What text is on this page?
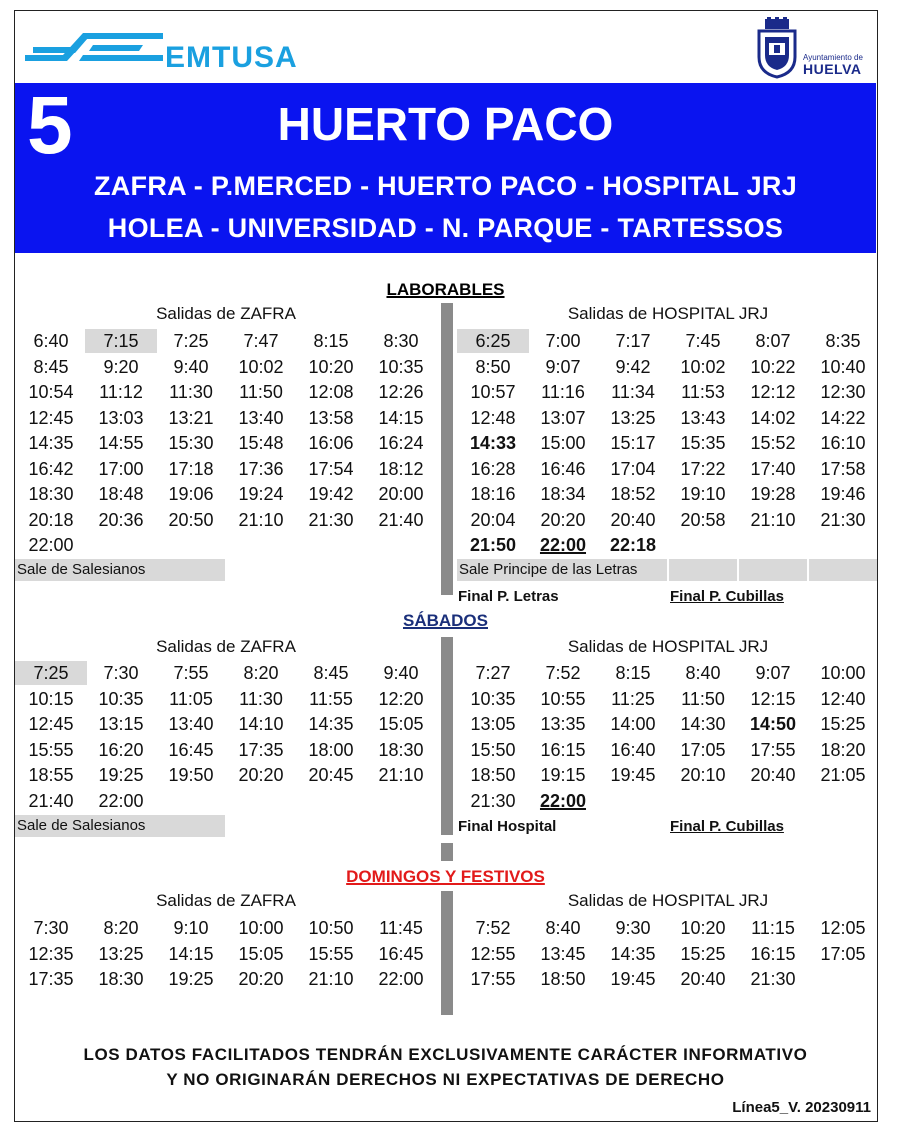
EMTUSA	Ayuntamiento de
HUELVA
5	HUERTO PACO
ZAFRA - P.MERCED - HUERTO PACO - HOSPITAL JRJ
HOLEA - UNIVERSIDAD - N. PARQUE - TARTESSOS
LABORABLES
Salidas de ZAFRA	Salidas de HOSPITAL JRJ
6:40	7:15	7:25	7:47	8:15	8:30
8:45	9:20	9:40	10:02	10:20	10:35
10:54	11:12	11:30	11:50	12:08	12:26
12:45	13:03	13:21	13:40	13:58	14:15
14:35	14:55	15:30	15:48	16:06	16:24
16:42	17:00	17:18	17:36	17:54	18:12
18:30	18:48	19:06	19:24	19:42	20:00
20:18	20:36	20:50	21:10	21:30	21:40
22:00
6:25	7:00	7:17	7:45	8:07	8:35
8:50	9:07	9:42	10:02	10:22	10:40
10:57	11:16	11:34	11:53	12:12	12:30
12:48	13:07	13:25	13:43	14:02	14:22
14:33	15:00	15:17	15:35	15:52	16:10
16:28	16:46	17:04	17:22	17:40	17:58
18:16	18:34	18:52	19:10	19:28	19:46
20:04	20:20	20:40	20:58	21:10	21:30
21:50	22:00	22:18
Sale de Salesianos	Sale Principe de las Letras
Final P. Letras	Final P. Cubillas
SÁBADOS
Salidas de ZAFRA	Salidas de HOSPITAL JRJ
7:25	7:30	7:55	8:20	8:45	9:40
10:15	10:35	11:05	11:30	11:55	12:20
12:45	13:15	13:40	14:10	14:35	15:05
15:55	16:20	16:45	17:35	18:00	18:30
18:55	19:25	19:50	20:20	20:45	21:10
21:40	22:00
7:27	7:52	8:15	8:40	9:07	10:00
10:35	10:55	11:25	11:50	12:15	12:40
13:05	13:35	14:00	14:30	14:50	15:25
15:50	16:15	16:40	17:05	17:55	18:20
18:50	19:15	19:45	20:10	20:40	21:05
21:30	22:00
Sale de Salesianos	Final Hospital	Final P. Cubillas
DOMINGOS Y FESTIVOS
Salidas de ZAFRA	Salidas de HOSPITAL JRJ
7:30	8:20	9:10	10:00	10:50	11:45
12:35	13:25	14:15	15:05	15:55	16:45
17:35	18:30	19:25	20:20	21:10	22:00
7:52	8:40	9:30	10:20	11:15	12:05
12:55	13:45	14:35	15:25	16:15	17:05
17:55	18:50	19:45	20:40	21:30
LOS DATOS FACILITADOS TENDRÁN EXCLUSIVAMENTE CARÁCTER INFORMATIVO
Y NO ORIGINARÁN DERECHOS NI EXPECTATIVAS DE DERECHO
Línea5_V. 20230911
